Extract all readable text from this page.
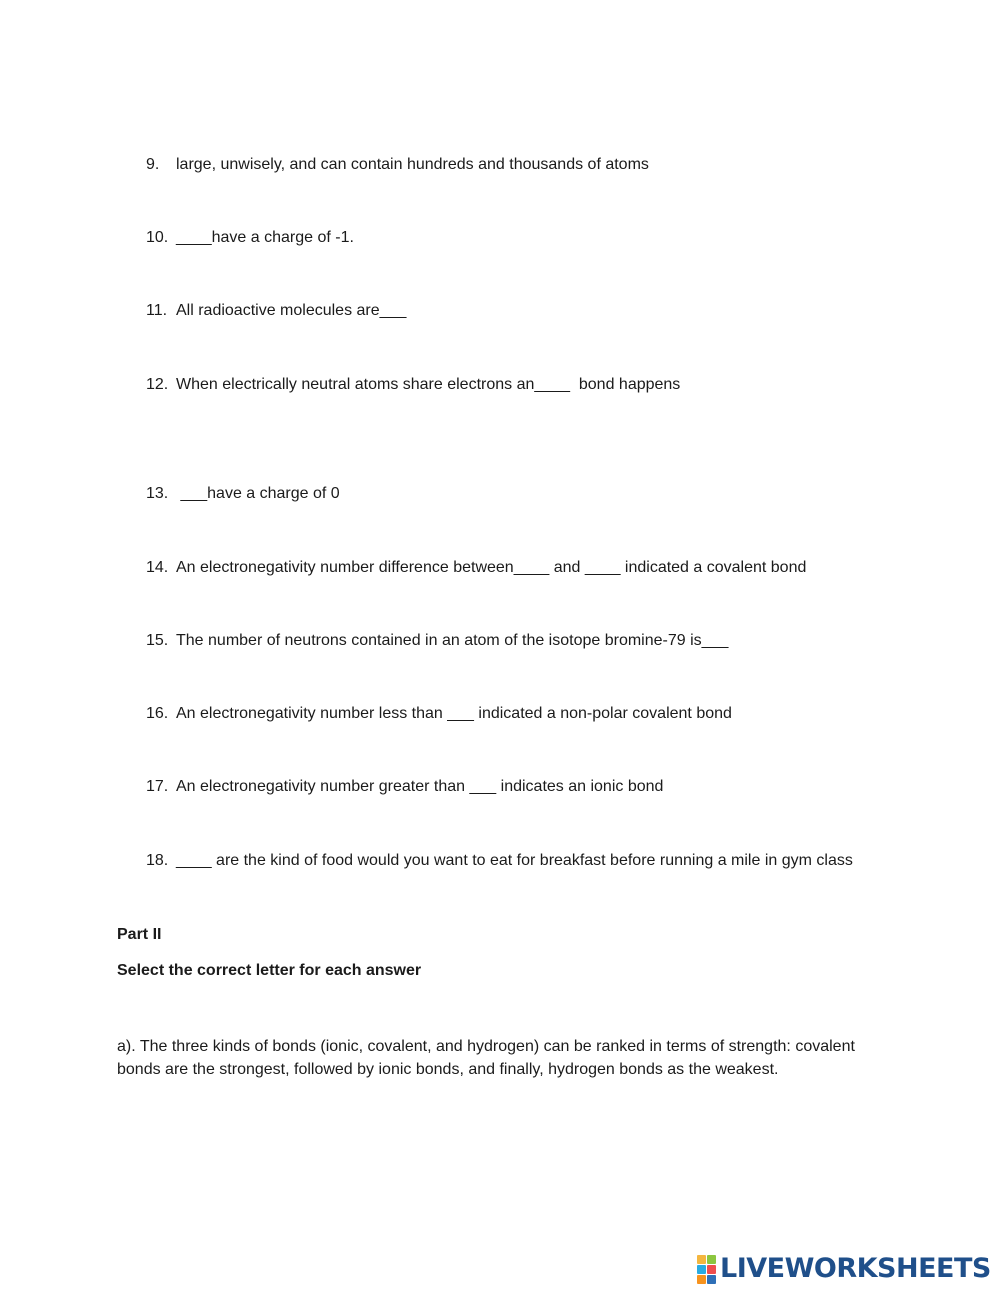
9. large, unwisely, and can contain hundreds and thousands of atoms
10. ____have a charge of -1.
11. All radioactive molecules are___
12. When electrically neutral atoms share electrons an____  bond happens
13. ___have a charge of 0
14. An electronegativity number difference between____ and ____ indicated a covalent bond
15. The number of neutrons contained in an atom of the isotope bromine-79 is___
16. An electronegativity number less than ___ indicated a non-polar covalent bond
17. An electronegativity number greater than ___ indicates an ionic bond
18. ____ are the kind of food would you want to eat for breakfast before running a mile in gym class
Part II
Select the correct letter for each answer
a). The three kinds of bonds (ionic, covalent, and hydrogen) can be ranked in terms of strength: covalent bonds are the strongest, followed by ionic bonds, and finally, hydrogen bonds as the weakest.
LIVEWORKSHEETS
